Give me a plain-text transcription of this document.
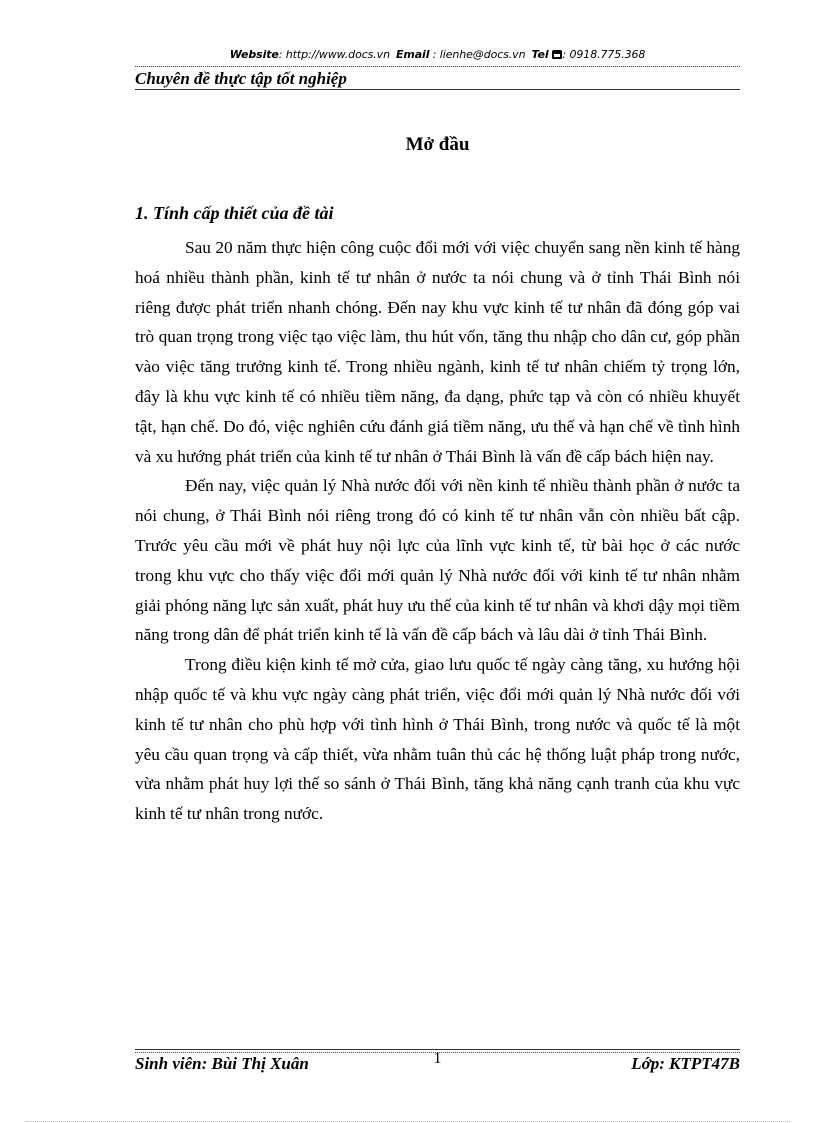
Website: http://www.docs.vn Email : lienhe@docs.vn Tel : 0918.775.368
Chuyên đề thực tập tốt nghiệp
Mở đầu
1. Tính cấp thiết của đề tài

Sau 20 năm thực hiện công cuộc đổi mới với việc chuyển sang nền kinh tế hàng hoá nhiều thành phần, kinh tế tư nhân ở nước ta nói chung và ở tỉnh Thái Bình nói riêng được phát triển nhanh chóng. Đến nay khu vực kinh tế tư nhân đã đóng góp vai trò quan trọng trong việc tạo việc làm, thu hút vốn, tăng thu nhập cho dân cư, góp phần vào việc tăng trưởng kinh tế. Trong nhiều ngành, kinh tế tư nhân chiếm tỷ trọng lớn, đây là khu vực kinh tế có nhiều tiềm năng, đa dạng, phức tạp và còn có nhiều khuyết tật, hạn chế. Do đó, việc nghiên cứu đánh giá tiềm năng, ưu thế và hạn chế về tình hình và xu hướng phát triển của kinh tế tư nhân ở Thái Bình là vấn đề cấp bách hiện nay.

Đến nay, việc quản lý Nhà nước đối với nền kinh tế nhiều thành phần ở nước ta nói chung, ở Thái Bình nói riêng trong đó có kinh tế tư nhân vẫn còn nhiều bất cập. Trước yêu cầu mới về phát huy nội lực của lĩnh vực kinh tế, từ bài học ở các nước trong khu vực cho thấy việc đổi mới quản lý Nhà nước đối với kinh tế tư nhân nhằm giải phóng năng lực sản xuất, phát huy ưu thế của kinh tế tư nhân và khơi dậy mọi tiềm năng trong dân để phát triển kinh tế là vấn đề cấp bách và lâu dài ở tỉnh Thái Bình.

Trong điều kiện kinh tế mở cửa, giao lưu quốc tế ngày càng tăng, xu hướng hội nhập quốc tế và khu vực ngày càng phát triển, việc đổi mới quản lý Nhà nước đối với kinh tế tư nhân cho phù hợp với tình hình ở Thái Bình, trong nước và quốc tế là một yêu cầu quan trọng và cấp thiết, vừa nhằm tuân thủ các hệ thống luật pháp trong nước, vừa nhằm phát huy lợi thế so sánh ở Thái Bình, tăng khả năng cạnh tranh của khu vực kinh tế tư nhân trong nước.

Sinh viên: Bùi Thị Xuân	1	Lớp: KTPT47B
